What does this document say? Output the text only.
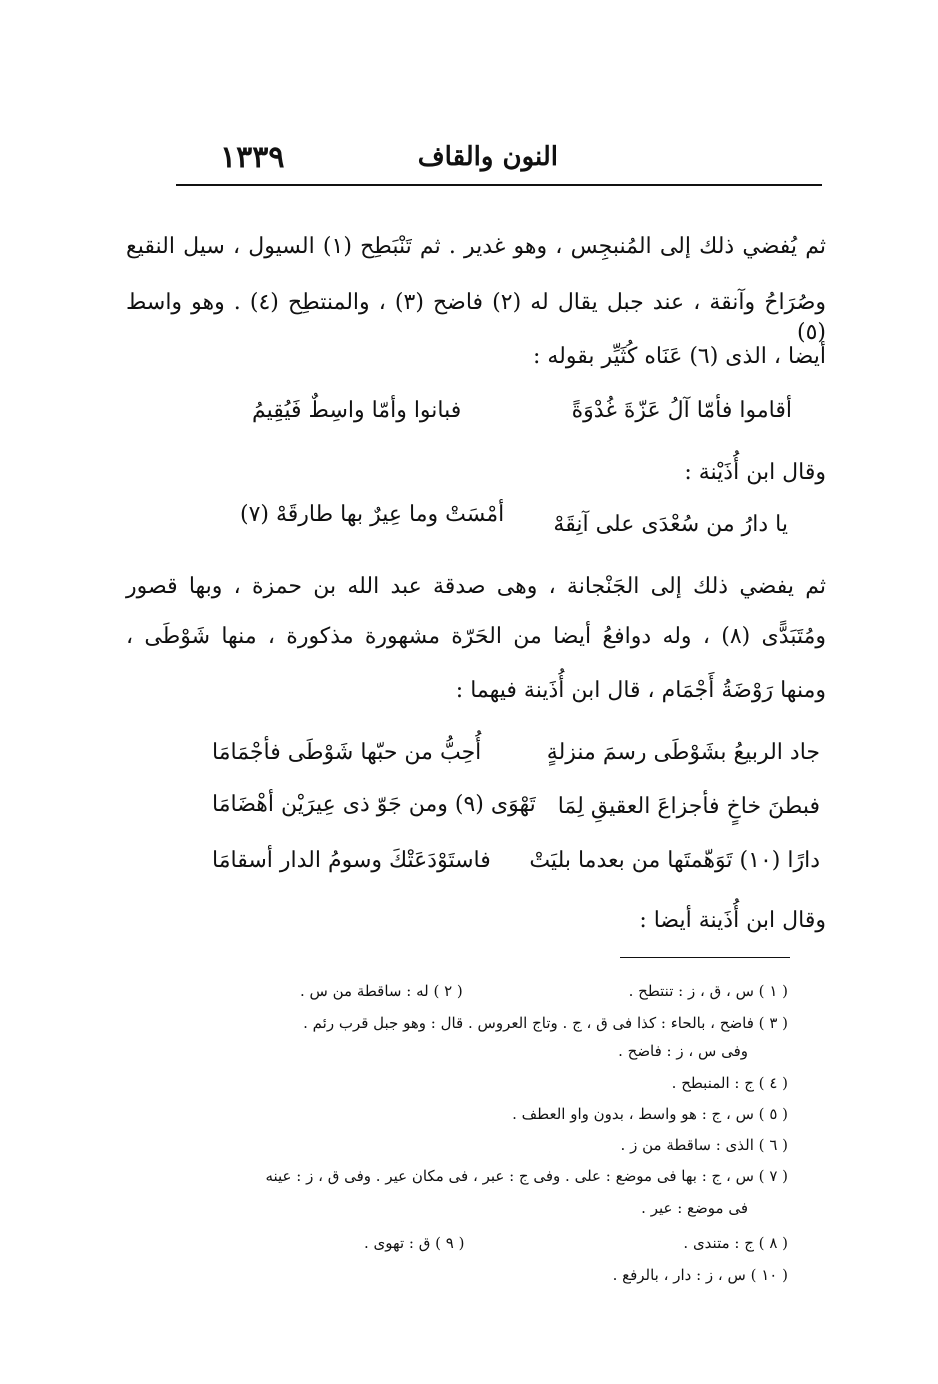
١٣٣٩	النون والقاف
ثم يُفضي ذلك إلى المُنبجِس ، وهو غدير . ثم تَنْبَطِح (١) السيول ، سيل النقيع
وصُرَاحُ وآنقة ، عند جبل يقال له (٢) فاضح (٣) ، والمنتطِح (٤) . وهو واسط (٥)
أيضا ، الذى (٦) عَنَاه كُثَيِّر بقوله :
أقاموا فأمّا آلُ عَزّةَ غُدْوَةً
فبانوا وأمّا واسِطٌ فَيُقِيمُ
وقال ابن أُذَيْنة :
يا دارُ من سُعْدَى على آنِقَهْ
أمْسَتْ وما عِيرٌ بها طارقَهْ (٧)
ثم يفضي ذلك إلى الجَنْجانة ، وهى صدقة عبد الله بن حمزة ، وبها قصور
ومُتَبَدًّى (٨) ، وله دوافعُ أيضا من الحَرّة مشهورة مذكورة ، منها شَوْطَى ،
ومنها رَوْضَةُ أَجْمَام ، قال ابن أُذَينة فيهما :
أُحِبُّ من حبّها شَوْطَى فأجْمَامَا	جاد الربيعُ بشَوْطَى رسمَ منزلةٍ
تَهْوَى (٩) ومن جَوّ ذى عِيرَيْن أهْضَامَا فبطنَ خاخٍ فأجزاعَ العقيقِ لِمَا
فاستَوْدَعَتْكَ وسومُ الدار أسقامَا دارًا (١٠) تَوَهّمتَها من بعدما بليَتْ
وقال ابن أُذَينة أيضا :
( ١ ) س ، ق ، ز : تنتطح .
( ٢ ) له : ساقطة من س .
( ٣ ) فاضح ، بالحاء : كذا فى ق ، ج . وتاج العروس . قال : وهو جبل قرب رئم .
وفى س ، ز : فاضح .
( ٤ ) ج : المنبطح .
( ٥ ) س ، ج : هو واسط ، بدون واو العطف .
( ٦ ) الذى : ساقطة من ز .
( ٧ ) س ، ج : بها فى موضع : على . وفى ج : عبر ، فى مكان عير . وفى ق ، ز : عينه
فى موضع : عير .
( ٨ ) ج : متندى .
( ٩ ) ق : تهوى .
( ١٠ ) س ، ز : دار ، بالرفع .
